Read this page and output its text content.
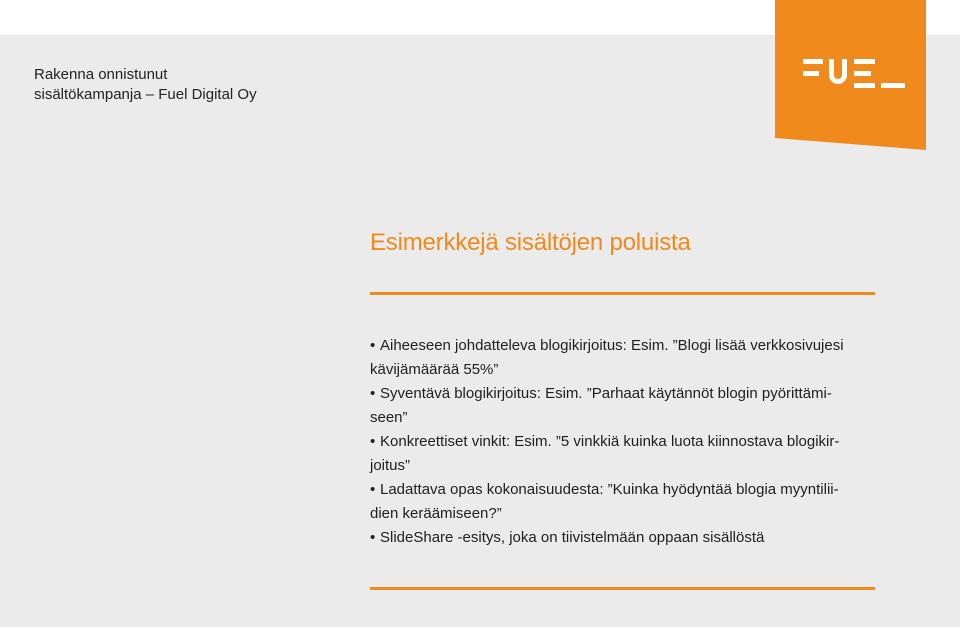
Rakenna onnistunut
sisältökampanja – Fuel Digital Oy
Esimerkkejä sisältöjen poluista
• Aiheeseen johdatteleva blogikirjoitus: Esim. ”Blogi lisää verkkosivujesi
kävijämäärää 55%”
• Syventävä blogikirjoitus: Esim. ”Parhaat käytännöt blogin pyörittämi-
seen”
• Konkreettiset vinkit: Esim. ”5 vinkkiä kuinka luota kiinnostava blogikir-
joitus”
• Ladattava opas kokonaisuudesta: ”Kuinka hyödyntää blogia myyntilii-
dien keräämiseen?”
• SlideShare -esitys, joka on tiivistelmään oppaan sisällöstä
